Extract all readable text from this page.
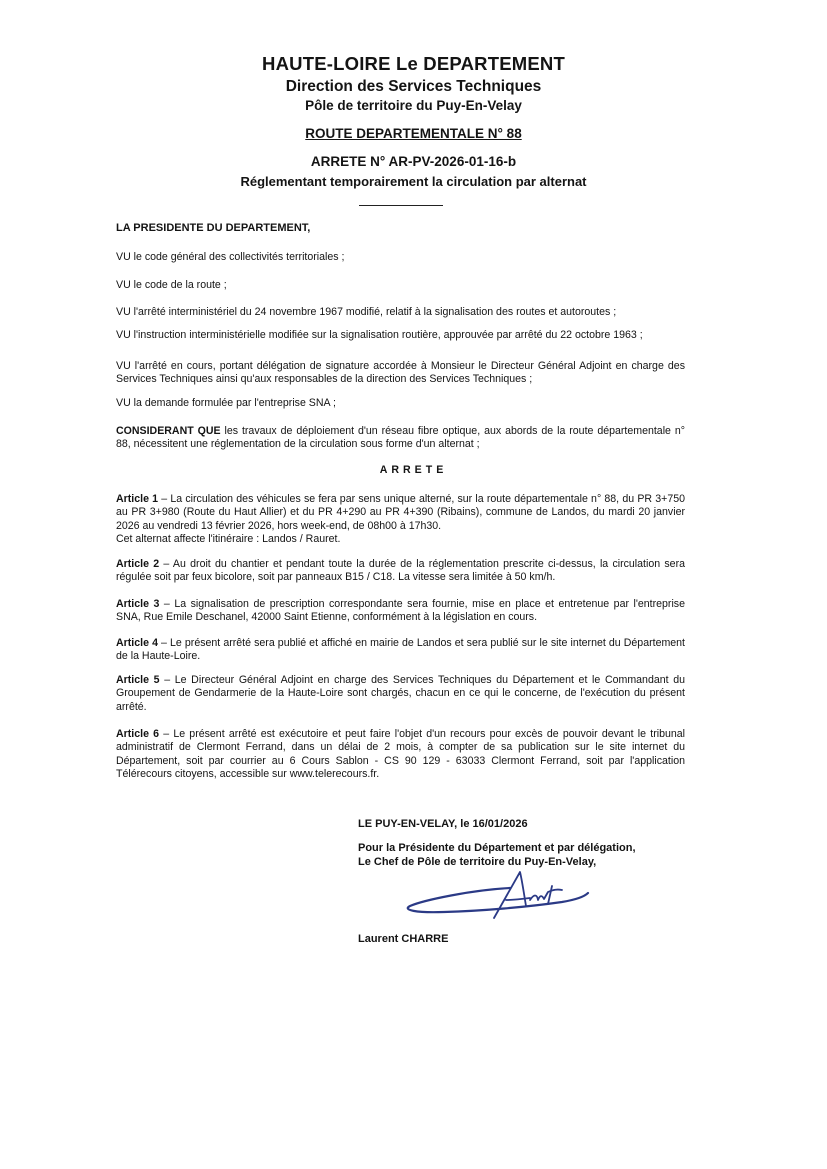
HAUTE-LOIRE Le DEPARTEMENT
Direction des Services Techniques
Pôle de territoire du Puy-En-Velay
ROUTE DEPARTEMENTALE N° 88
ARRETE N° AR-PV-2026-01-16-b
Réglementant temporairement la circulation par alternat
LA PRESIDENTE DU DEPARTEMENT,
VU le code général des collectivités territoriales ;
VU le code de la route ;
VU l'arrêté interministériel du 24 novembre 1967 modifié, relatif à la signalisation des routes et autoroutes ;
VU l'instruction interministérielle modifiée sur la signalisation routière, approuvée par arrêté du 22 octobre 1963 ;
VU l'arrêté en cours, portant délégation de signature accordée à Monsieur le Directeur Général Adjoint en charge des Services Techniques ainsi qu'aux responsables de la direction des Services Techniques ;
VU la demande formulée par l'entreprise SNA ;
CONSIDERANT QUE les travaux de déploiement d'un réseau fibre optique, aux abords de la route départementale n° 88, nécessitent une réglementation de la circulation sous forme d'un alternat ;
ARRETE
Article 1 – La circulation des véhicules se fera par sens unique alterné, sur la route départementale n° 88, du PR 3+750 au PR 3+980 (Route du Haut Allier) et du PR 4+290 au PR 4+390 (Ribains), commune de Landos, du mardi 20 janvier 2026 au vendredi 13 février 2026, hors week-end, de 08h00 à 17h30.
Cet alternat affecte l'itinéraire : Landos / Rauret.
Article 2 – Au droit du chantier et pendant toute la durée de la réglementation prescrite ci-dessus, la circulation sera régulée soit par feux bicolore, soit par panneaux B15 / C18. La vitesse sera limitée à 50 km/h.
Article 3 – La signalisation de prescription correspondante sera fournie, mise en place et entretenue par l'entreprise SNA, Rue Emile Deschanel, 42000 Saint Etienne, conformément à la législation en cours.
Article 4 – Le présent arrêté sera publié et affiché en mairie de Landos et sera publié sur le site internet du Département de la Haute-Loire.
Article 5 – Le Directeur Général Adjoint en charge des Services Techniques du Département et le Commandant du Groupement de Gendarmerie de la Haute-Loire sont chargés, chacun en ce qui le concerne, de l'exécution du présent arrêté.
Article 6 – Le présent arrêté est exécutoire et peut faire l'objet d'un recours pour excès de pouvoir devant le tribunal administratif de Clermont Ferrand, dans un délai de 2 mois, à compter de sa publication sur le site internet du Département, soit par courrier au 6 Cours Sablon - CS 90 129 - 63033 Clermont Ferrand, soit par l'application Télérecours citoyens, accessible sur www.telerecours.fr.
LE PUY-EN-VELAY, le 16/01/2026
Pour la Présidente du Département et par délégation,
Le Chef de Pôle de territoire du Puy-En-Velay,
Laurent CHARRE
